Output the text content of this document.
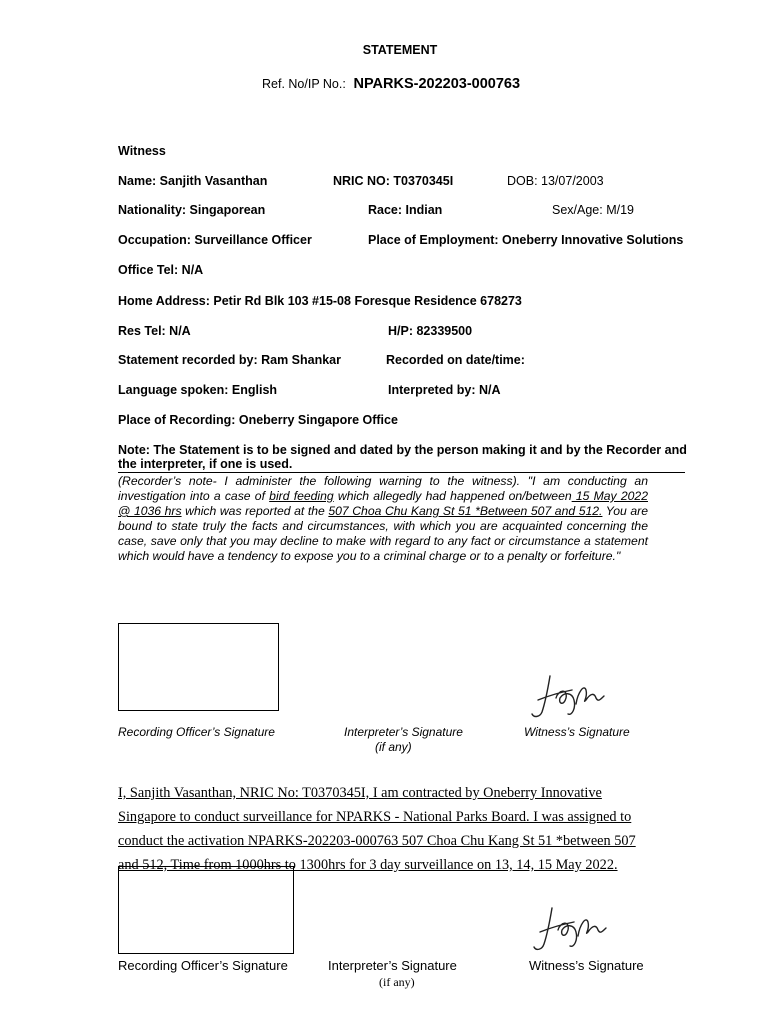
STATEMENT
Ref. No/IP No.: NPARKS-202203-000763
Witness
Name: Sanjith Vasanthan	NRIC NO: T0370345I	DOB: 13/07/2003
Nationality: Singaporean	Race: Indian	Sex/Age: M/19
Occupation: Surveillance Officer	Place of Employment: Oneberry Innovative Solutions
Office Tel: N/A
Home Address: Petir Rd Blk 103 #15-08 Foresque Residence 678273
Res Tel: N/A	H/P: 82339500
Statement recorded by: Ram Shankar	Recorded on date/time:
Language spoken: English	Interpreted by: N/A
Place of Recording: Oneberry Singapore Office
Note: The Statement is to be signed and dated by the person making it and by the Recorder and the interpreter, if one is used.
(Recorder’s note- I administer the following warning to the witness). "I am conducting an investigation into a case of bird feeding which allegedly had happened on/between 15 May 2022 @ 1036 hrs which was reported at the 507 Choa Chu Kang St 51 *Between 507 and 512. You are bound to state truly the facts and circumstances, with which you are acquainted concerning the case, save only that you may decline to make with regard to any fact or circumstance a statement which would have a tendency to expose you to a criminal charge or to a penalty or forfeiture."
Recording Officer’s Signature	Interpreter’s Signature
(if any)
Witness’s Signature
I, Sanjith Vasanthan, NRIC No: T0370345I, I am contracted by Oneberry Innovative
Singapore to conduct surveillance for NPARKS - National Parks Board. I was assigned to
conduct the activation NPARKS-202203-000763 507 Choa Chu Kang St 51 *between 507
and 512, Time from 1000hrs to 1300hrs for 3 day surveillance on 13, 14, 15 May 2022.
Recording Officer’s Signature	Interpreter’s Signature
(if any)
Witness’s Signature
